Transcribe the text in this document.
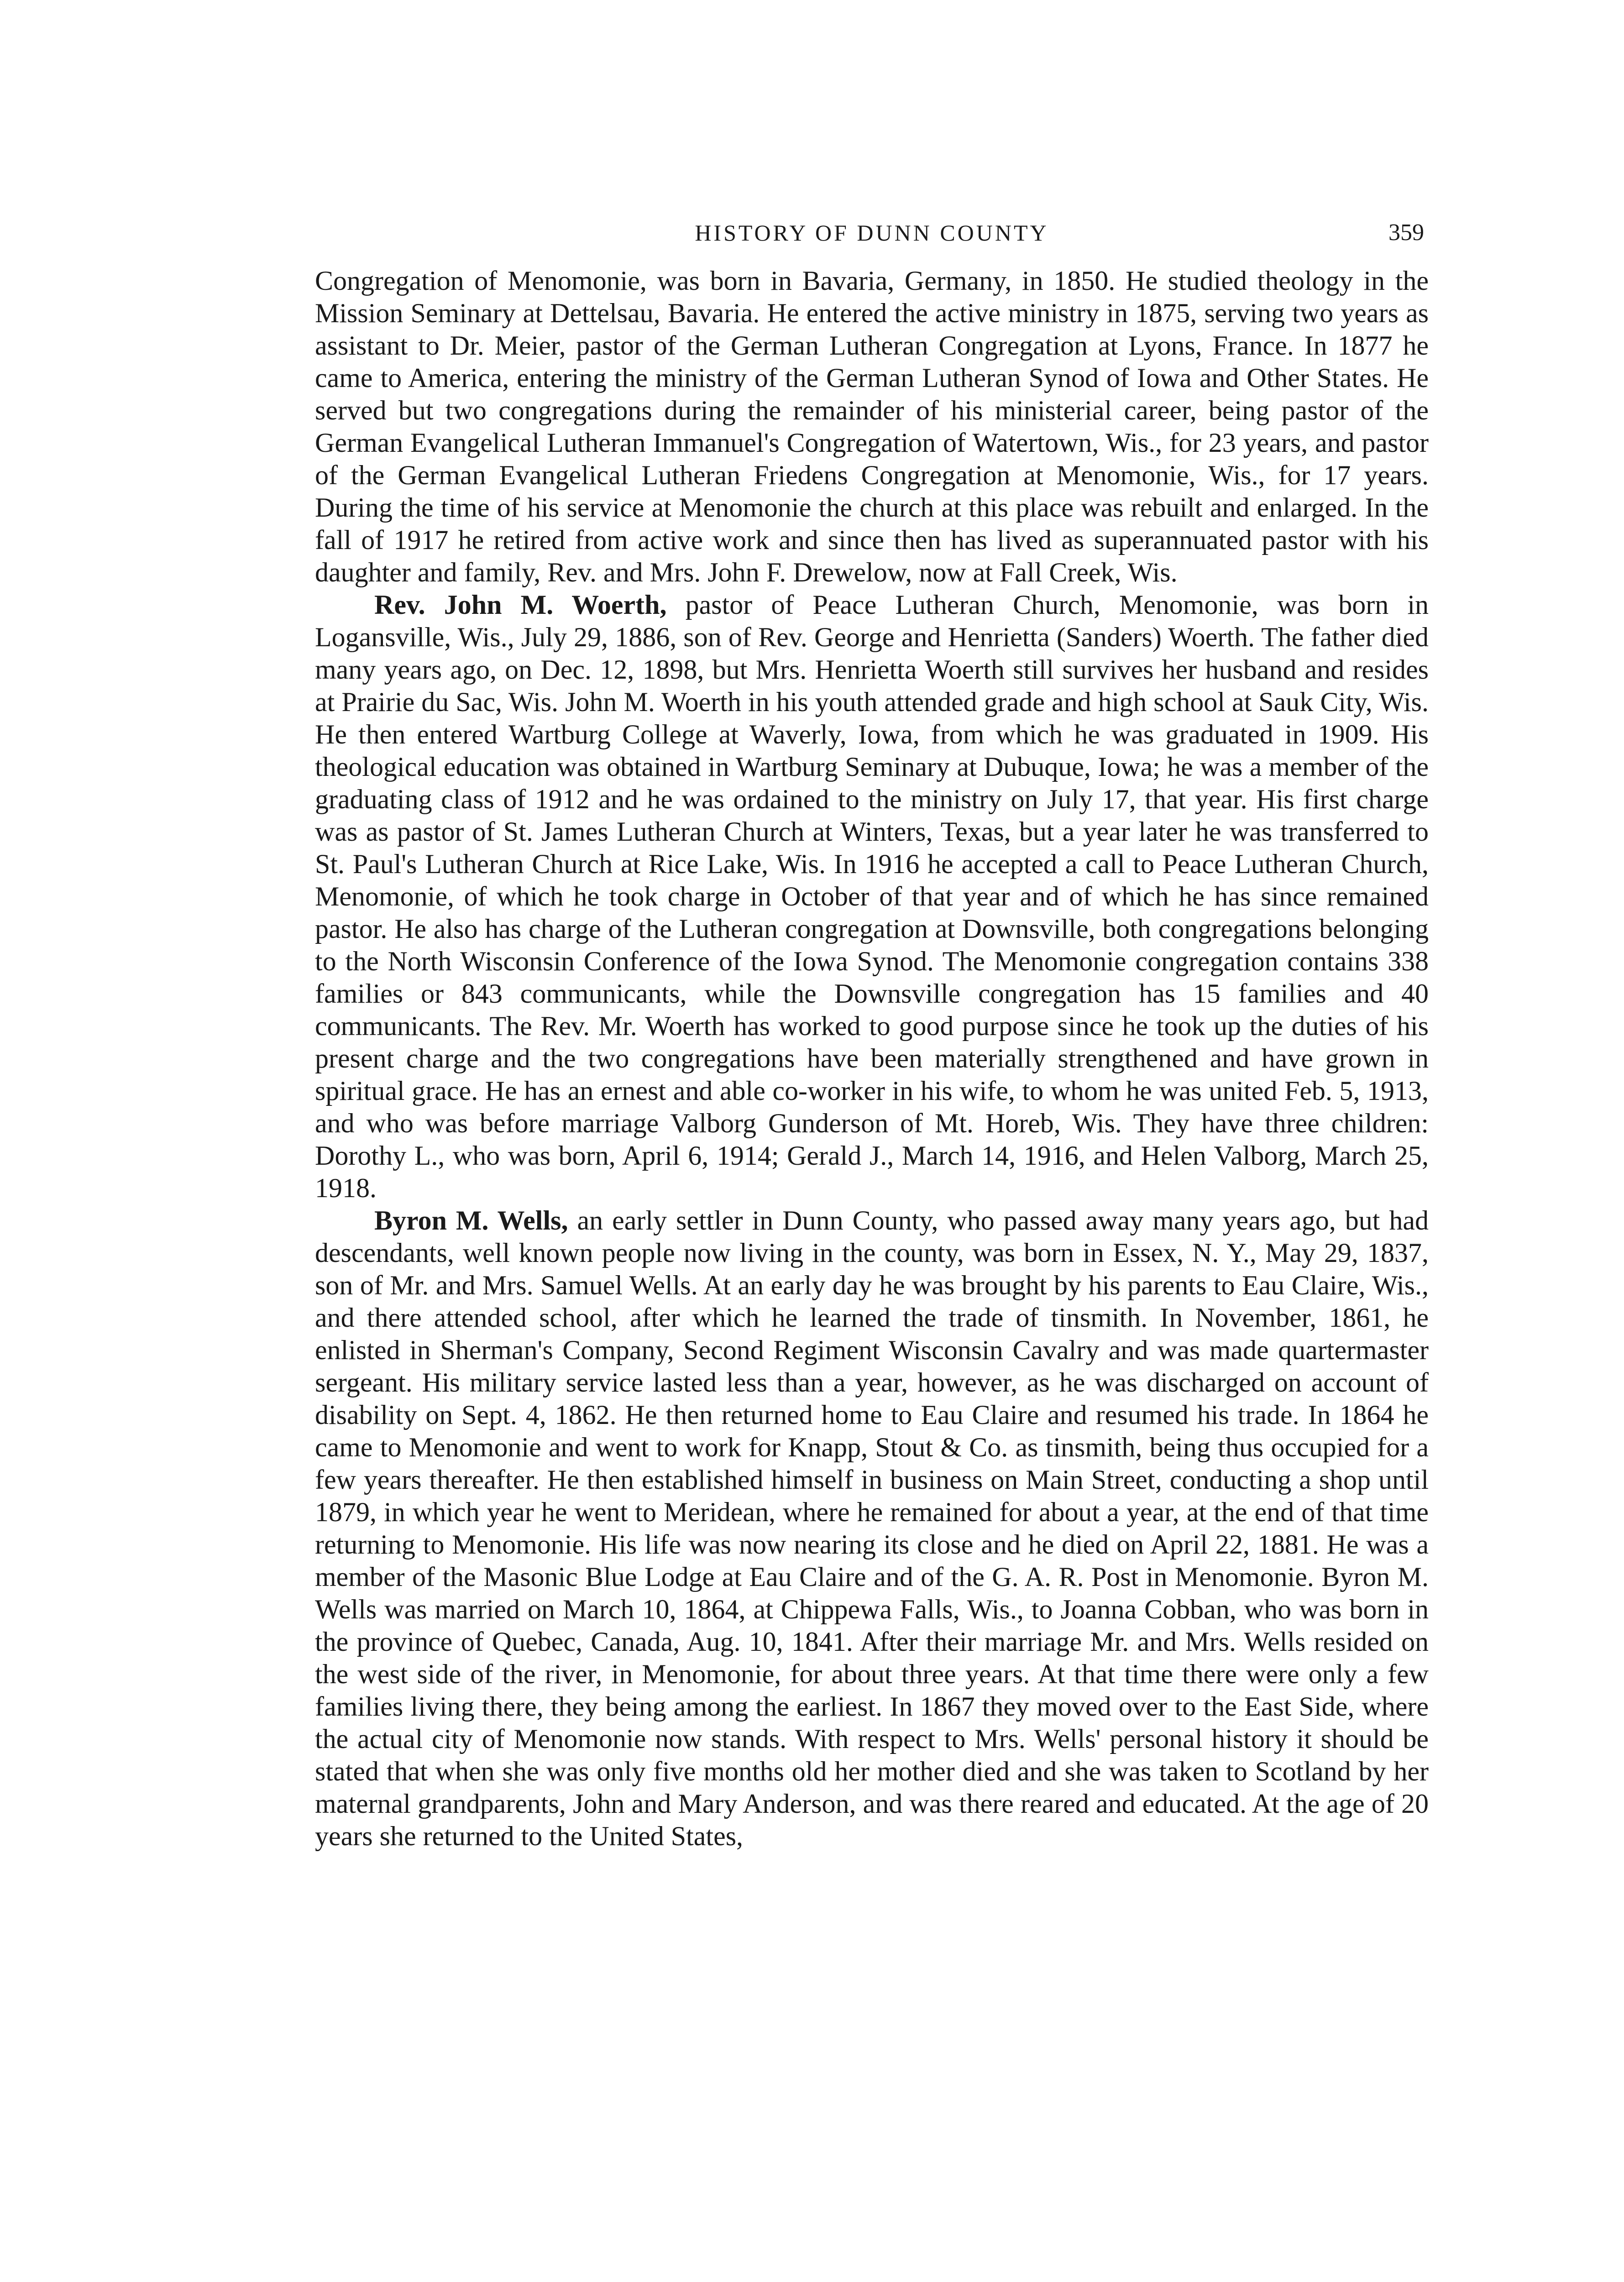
HISTORY OF DUNN COUNTY	359

Congregation of Menomonie, was born in Bavaria, Germany, in 1850. He studied theology in the Mission Seminary at Dettelsau, Bavaria. He entered the active ministry in 1875, serving two years as assistant to Dr. Meier, pastor of the German Lutheran Congregation at Lyons, France. In 1877 he came to America, entering the ministry of the German Lutheran Synod of Iowa and Other States. He served but two congregations during the remainder of his ministerial career, being pastor of the German Evangelical Lutheran Immanuel's Congregation of Watertown, Wis., for 23 years, and pastor of the German Evangelical Lutheran Friedens Congregation at Menomonie, Wis., for 17 years. During the time of his service at Menomonie the church at this place was rebuilt and enlarged. In the fall of 1917 he retired from active work and since then has lived as superannuated pastor with his daughter and family, Rev. and Mrs. John F. Drewelow, now at Fall Creek, Wis.

Rev. John M. Woerth, pastor of Peace Lutheran Church, Menomonie, was born in Logansville, Wis., July 29, 1886, son of Rev. George and Henrietta (Sanders) Woerth. The father died many years ago, on Dec. 12, 1898, but Mrs. Henrietta Woerth still survives her husband and resides at Prairie du Sac, Wis. John M. Woerth in his youth attended grade and high school at Sauk City, Wis. He then entered Wartburg College at Waverly, Iowa, from which he was graduated in 1909. His theological education was obtained in Wartburg Seminary at Dubuque, Iowa; he was a member of the graduating class of 1912 and he was ordained to the ministry on July 17, that year. His first charge was as pastor of St. James Lutheran Church at Winters, Texas, but a year later he was transferred to St. Paul's Lutheran Church at Rice Lake, Wis. In 1916 he accepted a call to Peace Lutheran Church, Menomonie, of which he took charge in October of that year and of which he has since remained pastor. He also has charge of the Lutheran congregation at Downsville, both congregations belonging to the North Wisconsin Conference of the Iowa Synod. The Menomonie congregation contains 338 families or 843 communicants, while the Downsville congregation has 15 families and 40 communicants. The Rev. Mr. Woerth has worked to good purpose since he took up the duties of his present charge and the two congregations have been materially strengthened and have grown in spiritual grace. He has an ernest and able co-worker in his wife, to whom he was united Feb. 5, 1913, and who was before marriage Valborg Gunderson of Mt. Horeb, Wis. They have three children: Dorothy L., who was born, April 6, 1914; Gerald J., March 14, 1916, and Helen Valborg, March 25, 1918.

Byron M. Wells, an early settler in Dunn County, who passed away many years ago, but had descendants, well known people now living in the county, was born in Essex, N. Y., May 29, 1837, son of Mr. and Mrs. Samuel Wells. At an early day he was brought by his parents to Eau Claire, Wis., and there attended school, after which he learned the trade of tinsmith. In November, 1861, he enlisted in Sherman's Company, Second Regiment Wisconsin Cavalry and was made quartermaster sergeant. His military service lasted less than a year, however, as he was discharged on account of disability on Sept. 4, 1862. He then returned home to Eau Claire and resumed his trade. In 1864 he came to Menomonie and went to work for Knapp, Stout & Co. as tinsmith, being thus occupied for a few years thereafter. He then established himself in business on Main Street, conducting a shop until 1879, in which year he went to Meridean, where he remained for about a year, at the end of that time returning to Menomonie. His life was now nearing its close and he died on April 22, 1881. He was a member of the Masonic Blue Lodge at Eau Claire and of the G. A. R. Post in Menomonie. Byron M. Wells was married on March 10, 1864, at Chippewa Falls, Wis., to Joanna Cobban, who was born in the province of Quebec, Canada, Aug. 10, 1841. After their marriage Mr. and Mrs. Wells resided on the west side of the river, in Menomonie, for about three years. At that time there were only a few families living there, they being among the earliest. In 1867 they moved over to the East Side, where the actual city of Menomonie now stands. With respect to Mrs. Wells' personal history it should be stated that when she was only five months old her mother died and she was taken to Scotland by her maternal grandparents, John and Mary Anderson, and was there reared and educated. At the age of 20 years she returned to the United States,
